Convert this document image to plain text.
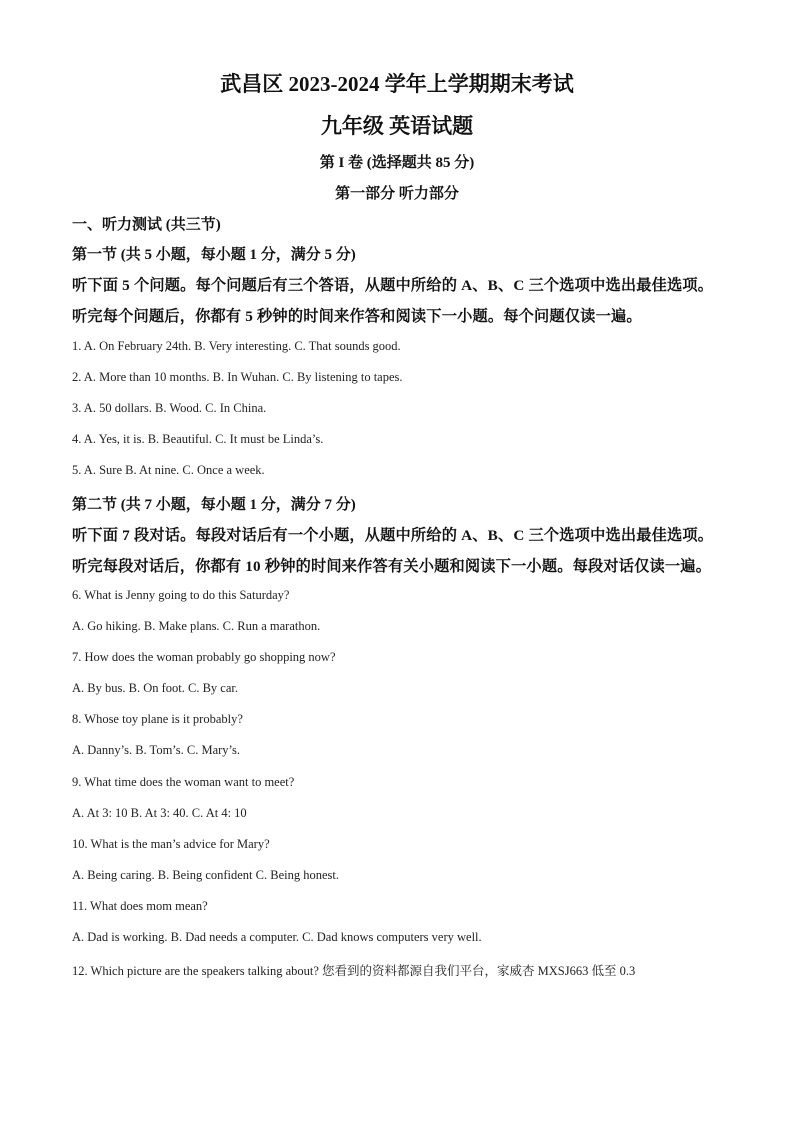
武昌区 2023-2024 学年上学期期末考试
九年级 英语试题
第 I 卷 (选择题共 85 分)
第一部分 听力部分
一、听力测试 (共三节)
第一节 (共 5 小题，每小题 1 分，满分 5 分)
听下面 5 个问题。每个问题后有三个答语，从题中所给的 A、B、C 三个选项中选出最佳选项。
听完每个问题后，你都有 5 秒钟的时间来作答和阅读下一小题。每个问题仅读一遍。
1. A. On February 24th. B. Very interesting. C. That sounds good.
2. A. More than 10 months. B. In Wuhan. C. By listening to tapes.
3. A. 50 dollars. B. Wood. C. In China.
4. A. Yes, it is. B. Beautiful. C. It must be Linda’s.
5. A. Sure B. At nine. C. Once a week.
第二节 (共 7 小题，每小题 1 分，满分 7 分)
听下面 7 段对话。每段对话后有一个小题，从题中所给的 A、B、C 三个选项中选出最佳选项。
听完每段对话后，你都有 10 秒钟的时间来作答有关小题和阅读下一小题。每段对话仅读一遍。
6. What is Jenny going to do this Saturday?
A. Go hiking. B. Make plans. C. Run a marathon.
7. How does the woman probably go shopping now?
A. By bus. B. On foot. C. By car.
8. Whose toy plane is it probably?
A. Danny’s. B. Tom’s. C. Mary’s.
9. What time does the woman want to meet?
A. At 3: 10 B. At 3: 40. C. At 4: 10
10. What is the man’s advice for Mary?
A. Being caring. B. Being confident C. Being honest.
11. What does mom mean?
A. Dad is working. B. Dad needs a computer. C. Dad knows computers very well.
12. Which picture are the speakers talking about? 您看到的资料都源自我们平台，家威杏 MXSJ663 低至 0.3
